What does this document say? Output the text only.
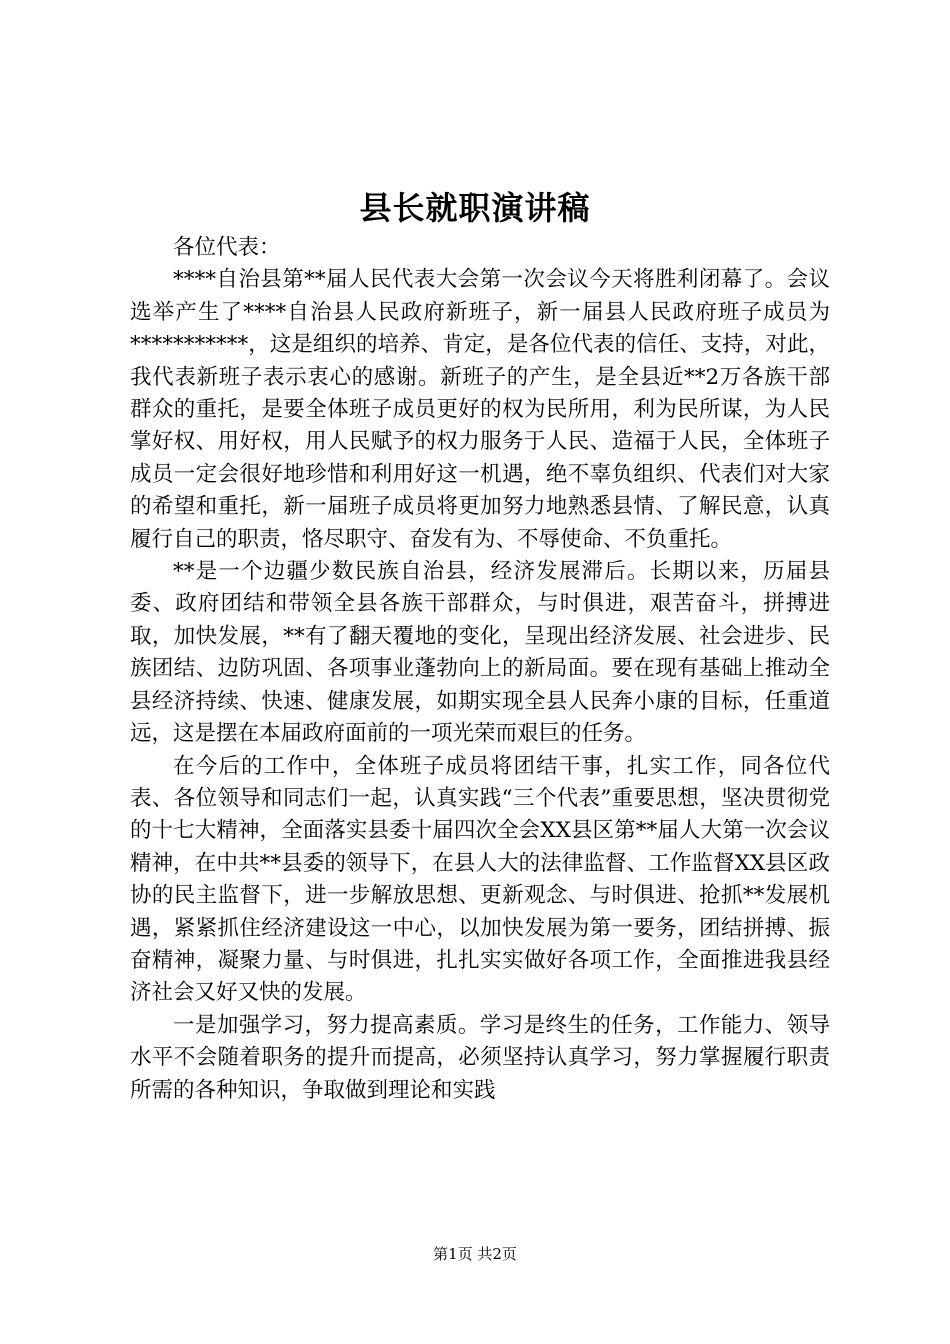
县长就职演讲稿

各位代表：

****自治县第**届人民代表大会第一次会议今天将胜利闭幕了。会议选举产生了****自治县人民政府新班子，新一届县人民政府班子成员为***********，这是组织的培养、肯定，是各位代表的信任、支持，对此，我代表新班子表示衷心的感谢。新班子的产生，是全县近**2万各族干部群众的重托，是要全体班子成员更好的权为民所用，利为民所谋，为人民掌好权、用好权，用人民赋予的权力服务于人民、造福于人民，全体班子成员一定会很好地珍惜和利用好这一机遇，绝不辜负组织、代表们对大家的希望和重托，新一届班子成员将更加努力地熟悉县情、了解民意，认真履行自己的职责，恪尽职守、奋发有为、不辱使命、不负重托。

**是一个边疆少数民族自治县，经济发展滞后。长期以来，历届县委、政府团结和带领全县各族干部群众，与时俱进，艰苦奋斗，拼搏进取，加快发展，**有了翻天覆地的变化，呈现出经济发展、社会进步、民族团结、边防巩固、各项事业蓬勃向上的新局面。要在现有基础上推动全县经济持续、快速、健康发展，如期实现全县人民奔小康的目标，任重道远，这是摆在本届政府面前的一项光荣而艰巨的任务。

在今后的工作中，全体班子成员将团结干事，扎实工作，同各位代表、各位领导和同志们一起，认真实践“三个代表”重要思想，坚决贯彻党的十七大精神，全面落实县委十届四次全会XX县区第**届人大第一次会议精神，在中共**县委的领导下，在县人大的法律监督、工作监督XX县区政协的民主监督下，进一步解放思想、更新观念、与时俱进、抢抓**发展机遇，紧紧抓住经济建设这一中心，以加快发展为第一要务，团结拼搏、振奋精神，凝聚力量、与时俱进，扎扎实实做好各项工作，全面推进我县经济社会又好又快的发展。

一是加强学习，努力提高素质。学习是终生的任务，工作能力、领导水平不会随着职务的提升而提高，必须坚持认真学习，努力掌握履行职责所需的各种知识，争取做到理论和实践

第1页 共2页
